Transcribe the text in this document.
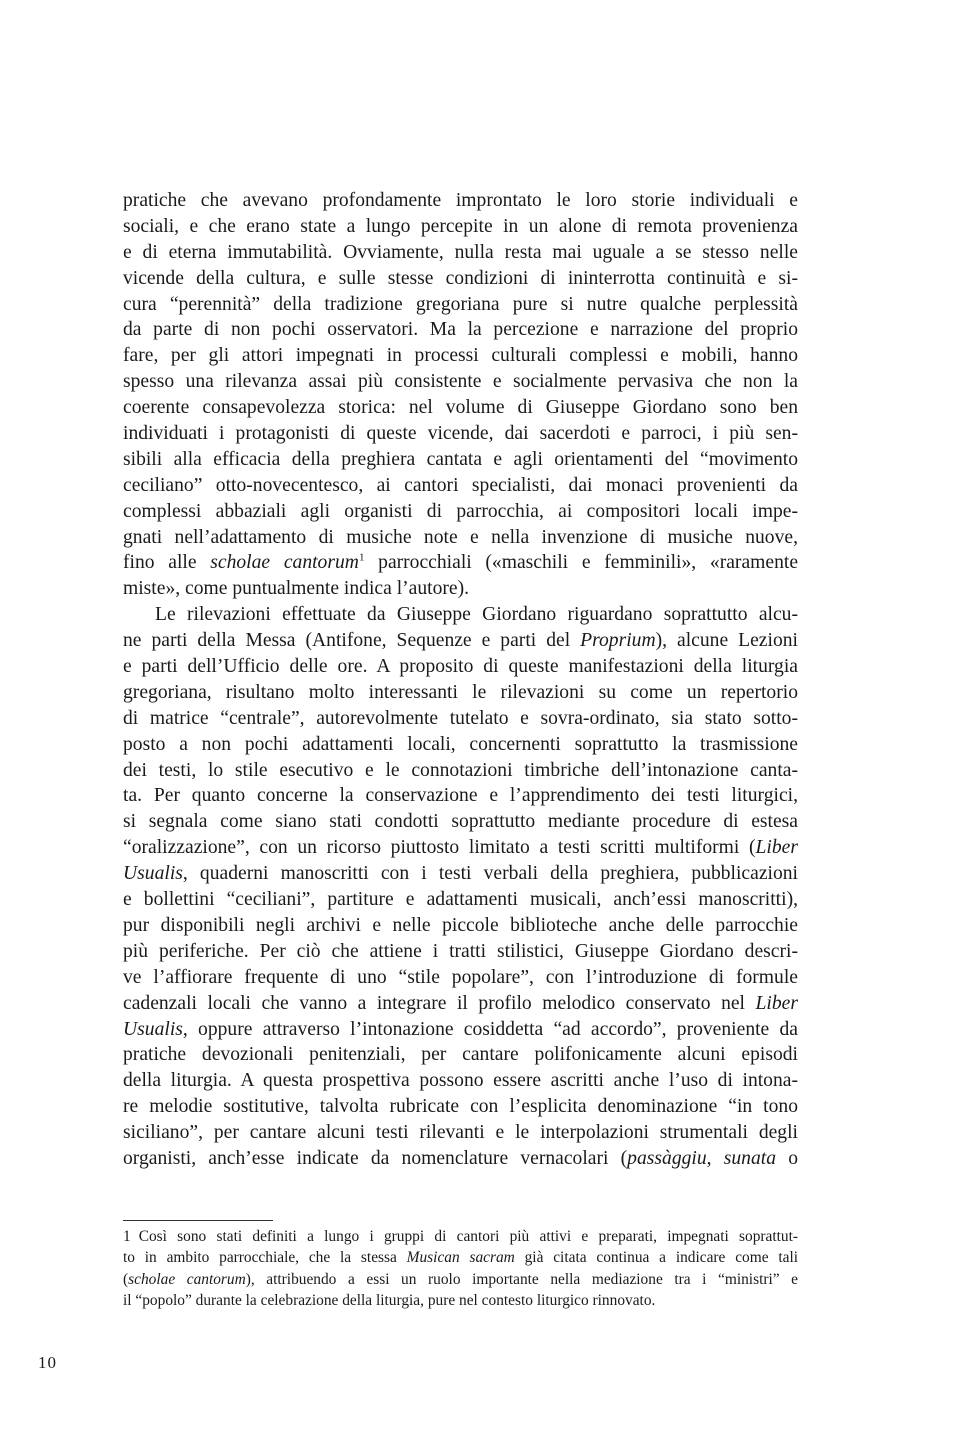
pratiche che avevano profondamente improntato le loro storie individuali e
sociali, e che erano state a lungo percepite in un alone di remota provenienza
e di eterna immutabilità. Ovviamente, nulla resta mai uguale a se stesso nelle
vicende della cultura, e sulle stesse condizioni di ininterrotta continuità e si-
cura “perennità” della tradizione gregoriana pure si nutre qualche perplessità
da parte di non pochi osservatori. Ma la percezione e narrazione del proprio
fare, per gli attori impegnati in processi culturali complessi e mobili, hanno
spesso una rilevanza assai più consistente e socialmente pervasiva che non la
coerente consapevolezza storica: nel volume di Giuseppe Giordano sono ben
individuati i protagonisti di queste vicende, dai sacerdoti e parroci, i più sen-
sibili alla efficacia della preghiera cantata e agli orientamenti del “movimento
ceciliano” otto-novecentesco, ai cantori specialisti, dai monaci provenienti da
complessi abbaziali agli organisti di parrocchia, ai compositori locali impe-
gnati nell’adattamento di musiche note e nella invenzione di musiche nuove,
fino alle scholae cantorum$^1$ parrocchiali («maschili e femminili», «raramente
miste», come puntualmente indica l’autore).
Le rilevazioni effettuate da Giuseppe Giordano riguardano soprattutto alcu-
ne parti della Messa (Antifone, Sequenze e parti del Proprium), alcune Lezioni
e parti dell’Ufficio delle ore. A proposito di queste manifestazioni della liturgia
gregoriana, risultano molto interessanti le rilevazioni su come un repertorio
di matrice “centrale”, autorevolmente tutelato e sovra-ordinato, sia stato sotto-
posto a non pochi adattamenti locali, concernenti soprattutto la trasmissione
dei testi, lo stile esecutivo e le connotazioni timbriche dell’intonazione canta-
ta. Per quanto concerne la conservazione e l’apprendimento dei testi liturgici,
si segnala come siano stati condotti soprattutto mediante procedure di estesa
“oralizzazione”, con un ricorso piuttosto limitato a testi scritti multiformi (Liber
Usualis, quaderni manoscritti con i testi verbali della preghiera, pubblicazioni
e bollettini “ceciliani”, partiture e adattamenti musicali, anch’essi manoscritti),
pur disponibili negli archivi e nelle piccole biblioteche anche delle parrocchie
più periferiche. Per ciò che attiene i tratti stilistici, Giuseppe Giordano descri-
ve l’affiorare frequente di uno “stile popolare”, con l’introduzione di formule
cadenzali locali che vanno a integrare il profilo melodico conservato nel Liber
Usualis, oppure attraverso l’intonazione cosiddetta “ad accordo”, proveniente da
pratiche devozionali penitenziali, per cantare polifonicamente alcuni episodi
della liturgia. A questa prospettiva possono essere ascritti anche l’uso di intona-
re melodie sostitutive, talvolta rubricate con l’esplicita denominazione “in tono
siciliano”, per cantare alcuni testi rilevanti e le interpolazioni strumentali degli
organisti, anch’esse indicate da nomenclature vernacolari (passàggiu, sunata o
1 Così sono stati definiti a lungo i gruppi di cantori più attivi e preparati, impegnati soprattut-
to in ambito parrocchiale, che la stessa Musican sacram già citata continua a indicare come tali
(scholae cantorum), attribuendo a essi un ruolo importante nella mediazione tra i “ministri” e
il “popolo” durante la celebrazione della liturgia, pure nel contesto liturgico rinnovato.
10
